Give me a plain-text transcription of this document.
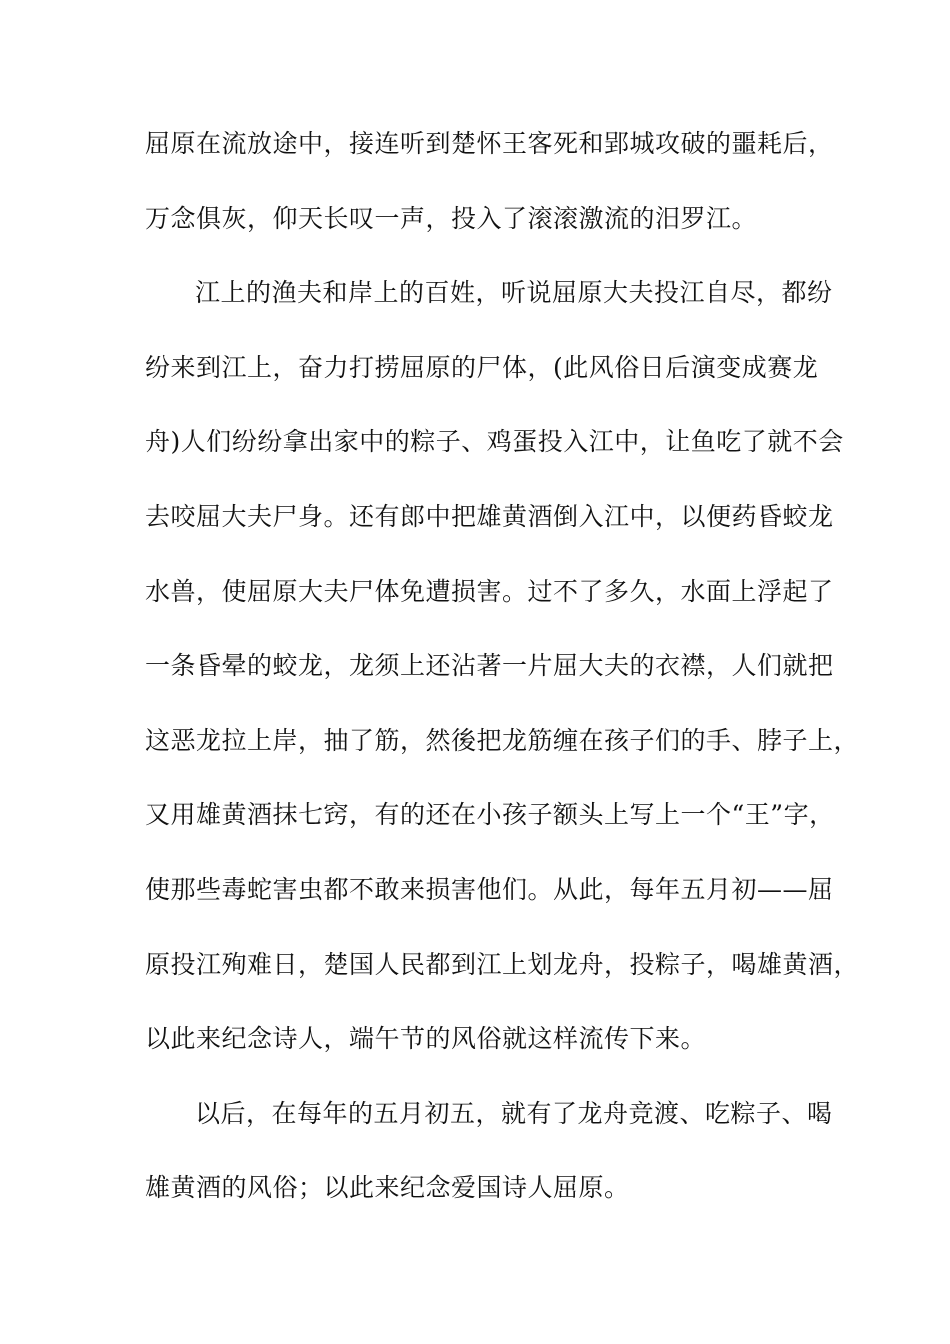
屈原在流放途中，接连听到楚怀王客死和郢城攻破的噩耗后，
万念俱灰，仰天长叹一声，投入了滚滚激流的汨罗江。
江上的渔夫和岸上的百姓，听说屈原大夫投江自尽，都纷
纷来到江上，奋力打捞屈原的尸体，(此风俗日后演变成赛龙
舟)人们纷纷拿出家中的粽子、鸡蛋投入江中，让鱼吃了就不会
去咬屈大夫尸身。还有郎中把雄黄酒倒入江中，以便药昏蛟龙
水兽，使屈原大夫尸体免遭损害。过不了多久，水面上浮起了
一条昏晕的蛟龙，龙须上还沾著一片屈大夫的衣襟，人们就把
这恶龙拉上岸，抽了筋，然後把龙筋缠在孩子们的手、脖子上，
又用雄黄酒抹七窍，有的还在小孩子额头上写上一个“王”字，
使那些毒蛇害虫都不敢来损害他们。从此，每年五月初——屈
原投江殉难日，楚国人民都到江上划龙舟，投粽子，喝雄黄酒，
以此来纪念诗人，端午节的风俗就这样流传下来。
以后，在每年的五月初五，就有了龙舟竞渡、吃粽子、喝
雄黄酒的风俗；以此来纪念爱国诗人屈原。
